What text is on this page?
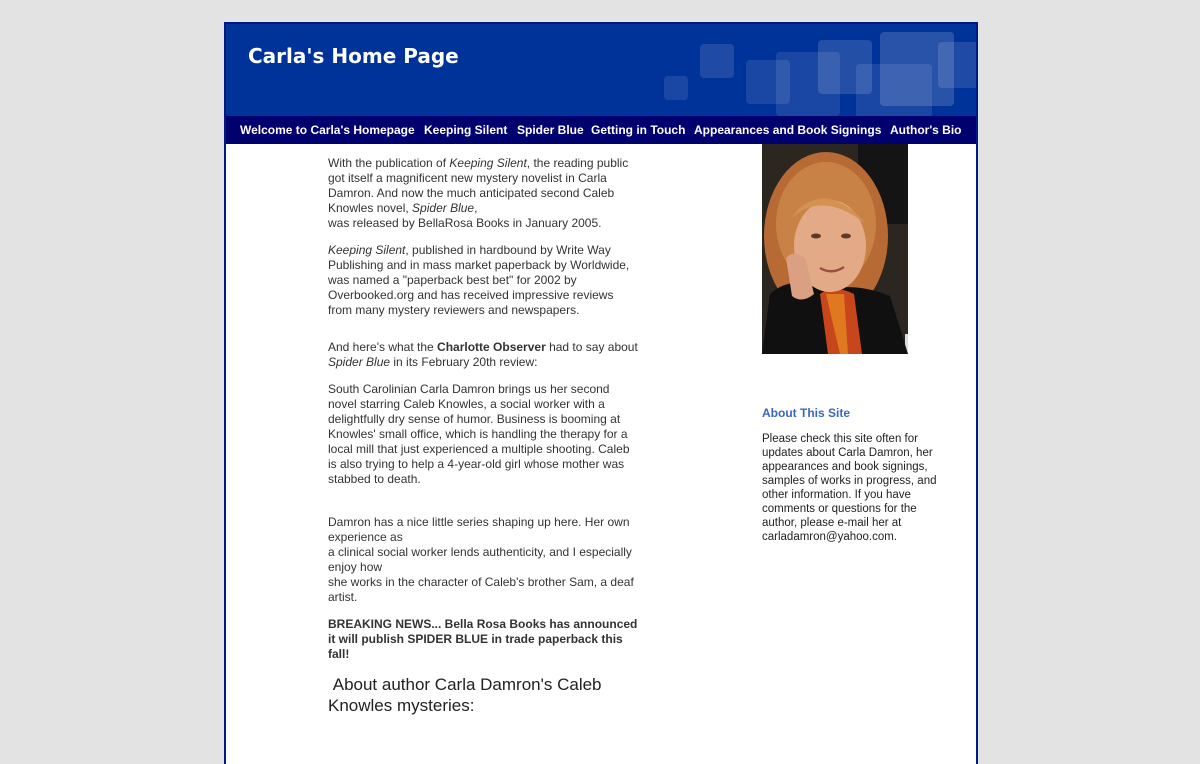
Carla's Home Page
Welcome to Carla's Homepage Keeping Silent Spider Blue Getting in Touch Appearances and Book Signings Author's Bio

With the publication of Keeping Silent, the reading public got itself a magnificent new mystery novelist in Carla Damron. And now the much anticipated second Caleb Knowles novel, Spider Blue,
was released by BellaRosa Books in January 2005.

Keeping Silent, published in hardbound by Write Way Publishing and in mass market paperback by Worldwide, was named a "paperback best bet" for 2002 by Overbooked.org and has received impressive reviews from many mystery reviewers and newspapers.

And here's what the Charlotte Observer had to say about Spider Blue in its February 20th review:

South Carolinian Carla Damron brings us her second novel starring Caleb Knowles, a social worker with a delightfully dry sense of humor. Business is booming at Knowles' small office, which is handling the therapy for a local mill that just experienced a multiple shooting. Caleb is also trying to help a 4-year-old girl whose mother was stabbed to death.

Damron has a nice little series shaping up here. Her own experience as
a clinical social worker lends authenticity, and I especially enjoy how
she works in the character of Caleb's brother Sam, a deaf artist.

BREAKING NEWS... Bella Rosa Books has announced it will publish SPIDER BLUE in trade paperback this fall!

About author Carla Damron's Caleb Knowles mysteries:

About This Site
Please check this site often for updates about Carla Damron, her appearances and book signings, samples of works in progress, and other information. If you have comments or questions for the author, please e-mail her at carladamron@yahoo.com.
